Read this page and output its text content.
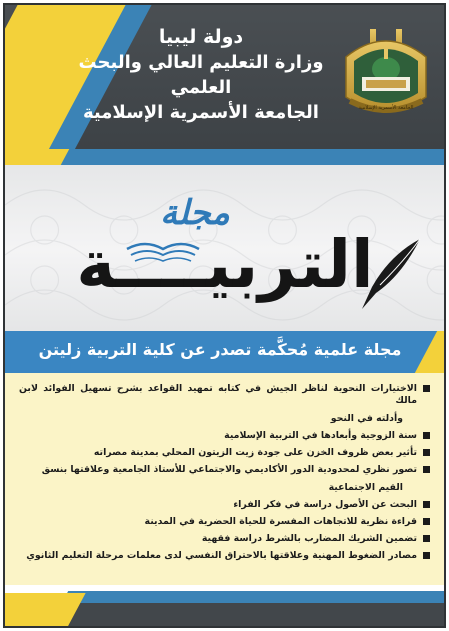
دولة ليبيا
وزارة التعليم العالي والبحث العلمي
الجامعة الأسمرية الإسلامية	الجامعة الأسمرية الإسلامية
مجلة
التربيــــة
مجلة علمية مُحكَّمة تصدر عن كلية التربية زليتن
الاختيارات النحوية لناظر الجيش في كتابه تمهيد القواعد بشرح تسهيل الفوائد لابن مالك
وأدلته في النحو
سنة الزوجية وأبعادها في التربية الإسلامية
تأثير بعض ظروف الخزن على جودة زيت الزيتون المحلي بمدينة مصراته
تصور نظري لمحدودية الدور الأكاديمي والاجتماعي للأستاذ الجامعية وعلاقتها بنسق
القيم الاجتماعية
البحث عن الأصول دراسة في فكر الفراء
قراءة نظرية للاتجاهات المفسرة للحياة الحضرية في المدينة
تضمين الشريك المضارب بالشرط دراسة فقهية
مصادر الضغوط المهنية وعلاقتها بالاحتراق النفسي لدى معلمات مرحلة التعليم الثانوي
